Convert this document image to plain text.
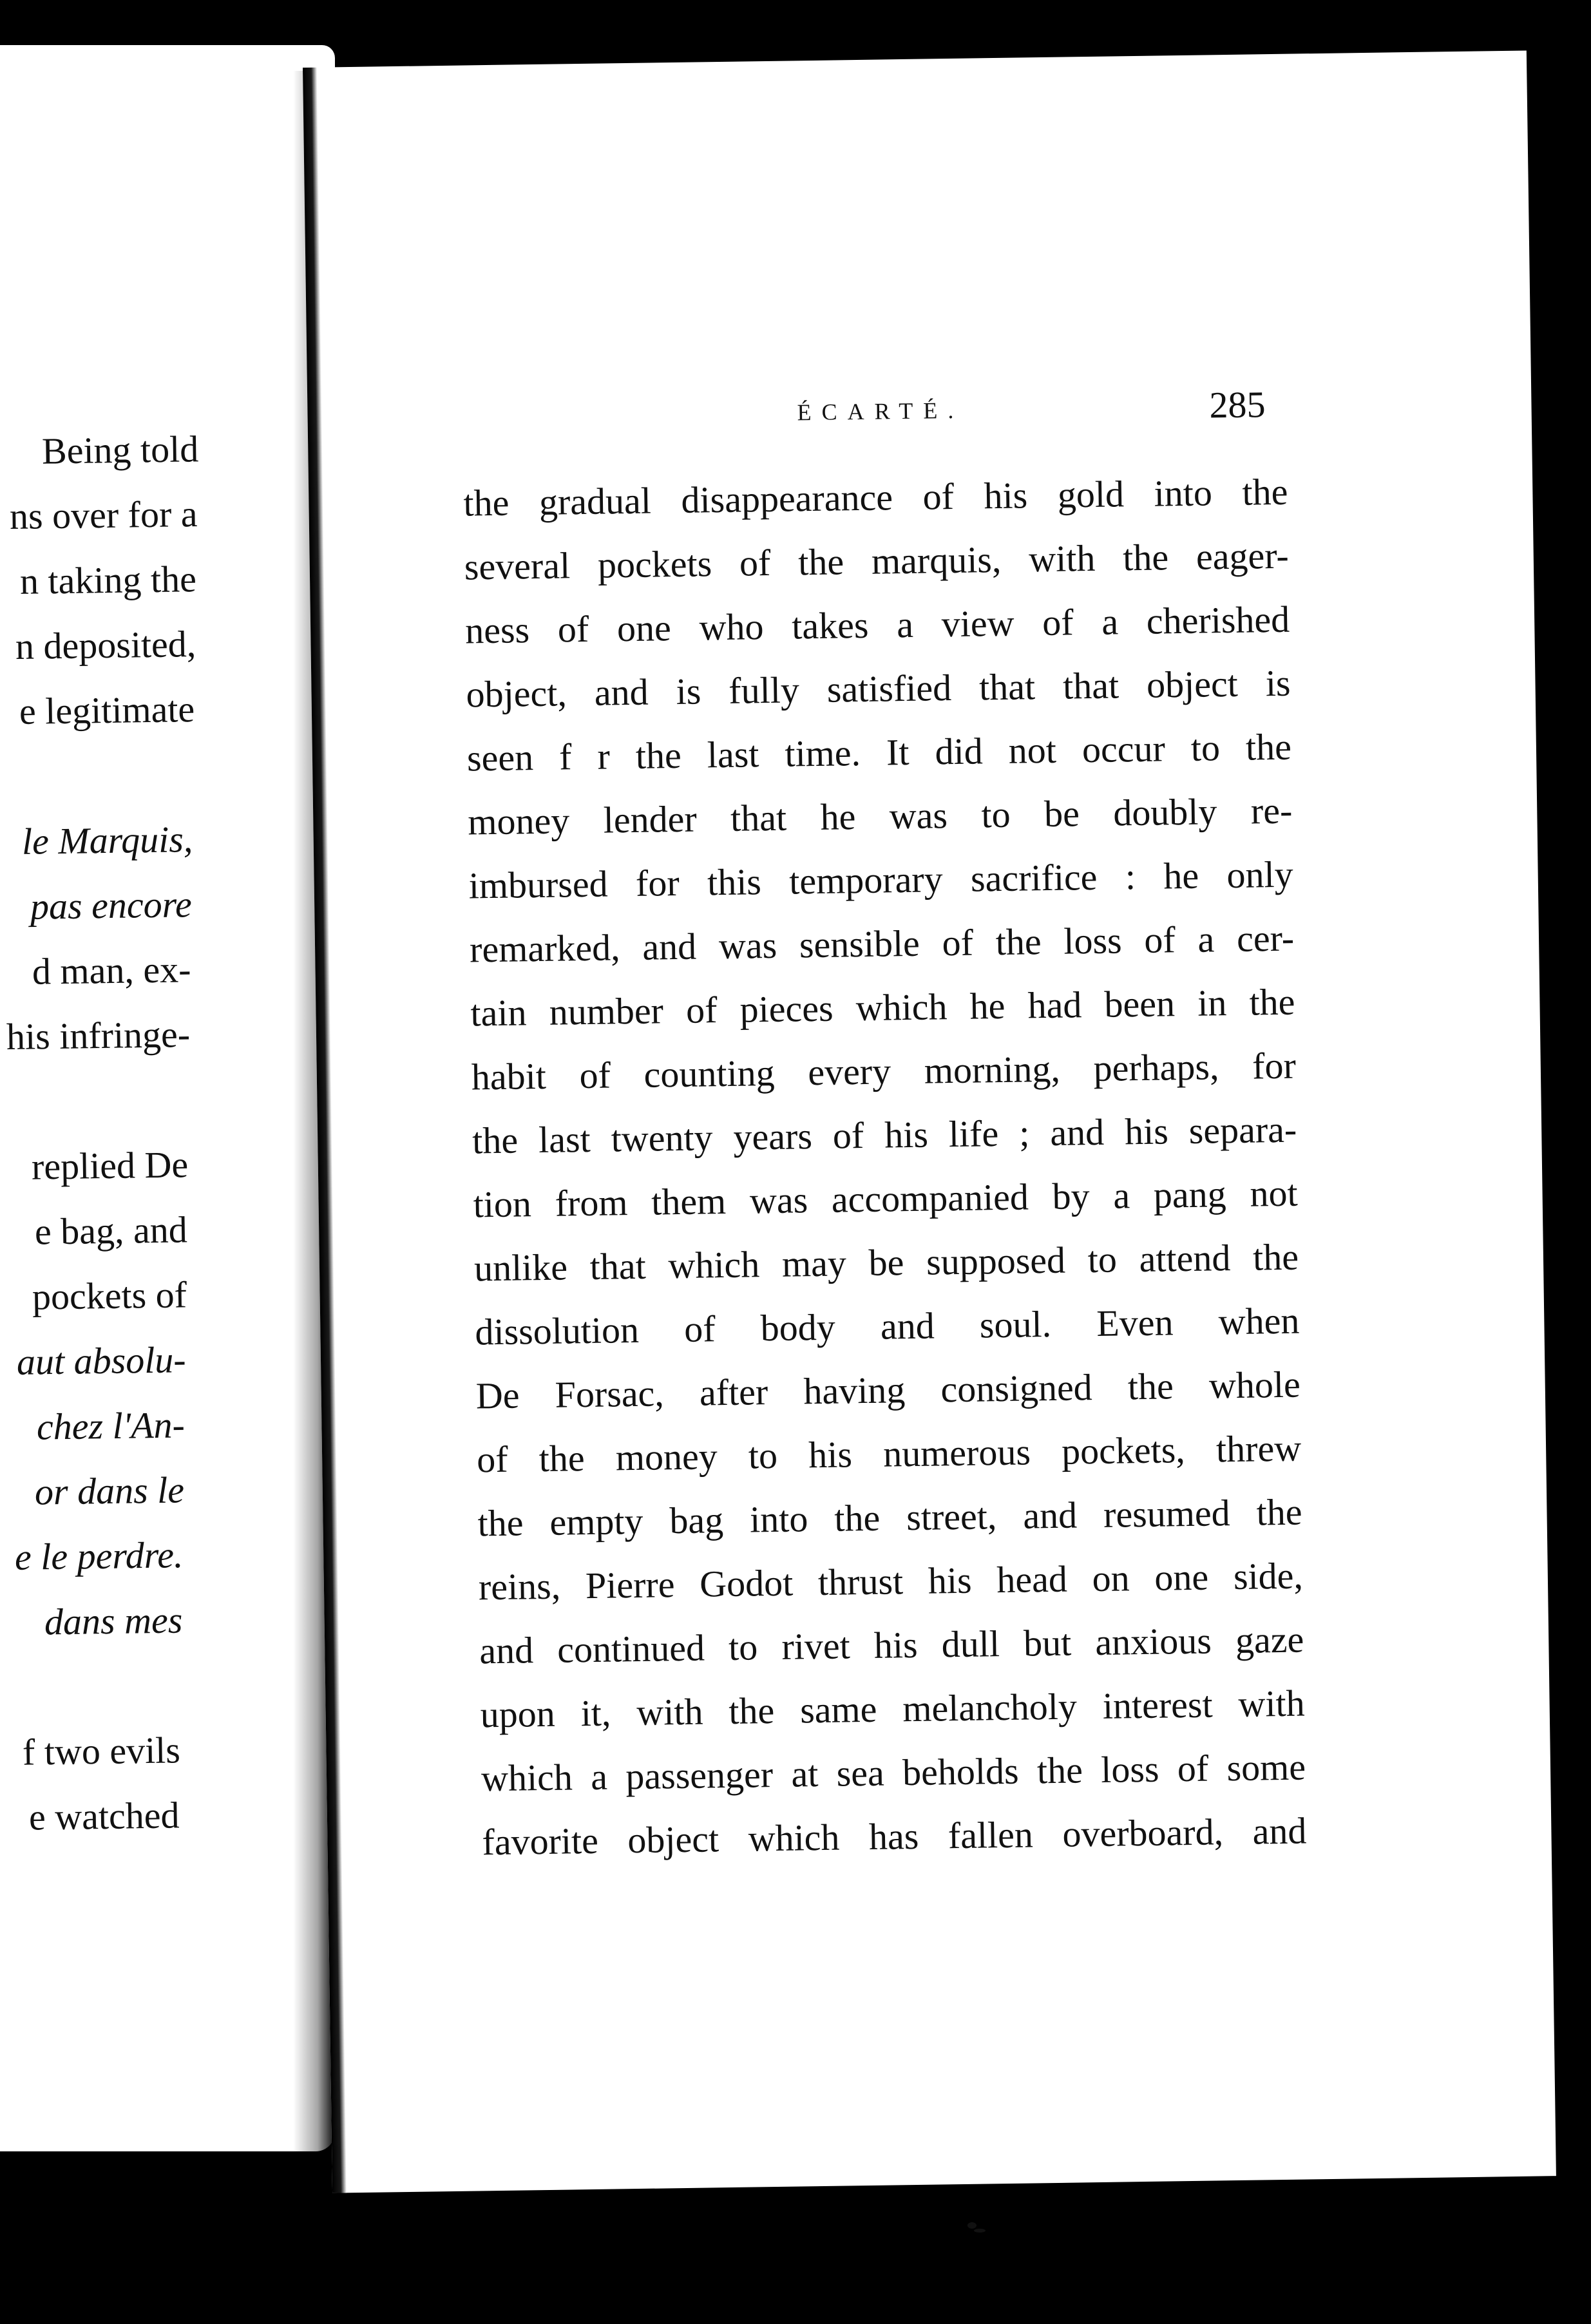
Being told
ns over for a
n taking the
n deposited,
e legitimate
le Marquis,
pas encore
d man, ex-
his infringe-
replied De
e bag, and
pockets of
aut absolu-
chez l'An-
or dans le
e le perdre.
dans mes
f two evils
e watched
ÉCARTÉ.	285
the gradual disappearance of his gold into the
several pockets of the marquis, with the eager-
ness of one who takes a view of a cherished
object, and is fully satisfied that that object is
seen f r the last time. It did not occur to the
money lender that he was to be doubly re-
imbursed for this temporary sacrifice : he only
remarked, and was sensible of the loss of a cer-
tain number of pieces which he had been in the
habit of counting every morning, perhaps, for
the last twenty years of his life ; and his separa-
tion from them was accompanied by a pang not
unlike that which may be supposed to attend the
dissolution of body and soul. Even when
De Forsac, after having consigned the whole
of the money to his numerous pockets, threw
the empty bag into the street, and resumed the
reins, Pierre Godot thrust his head on one side,
and continued to rivet his dull but anxious gaze
upon it, with the same melancholy interest with
which a passenger at sea beholds the loss of some
favorite object which has fallen overboard, and
